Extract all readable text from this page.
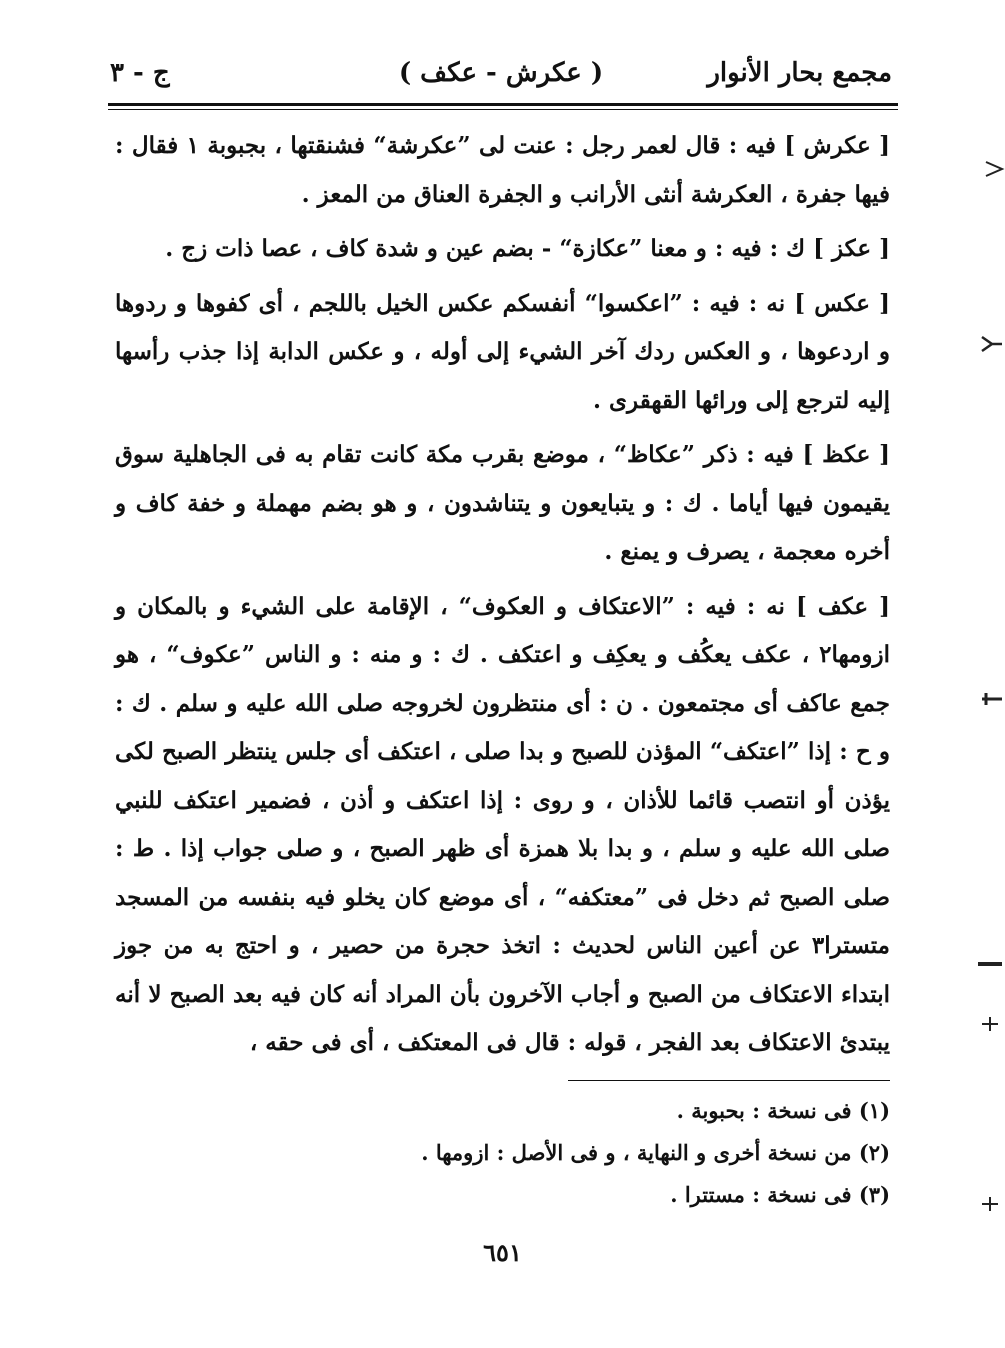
مجمع بحار الأنوار
( عكرش - عكف )
ج - ٣

[ عكرش ] فيه : قال لعمر رجل : عنت لى ”عكرشة“ فشنقتها ، بجبوبة ١ فقال : فيها جفرة ، العكرشة أنثى الأرانب و الجفرة العناق من المعز .

[ عكز ] ك : فيه : و معنا ”عكازة“ - بضم عين و شدة كاف ، عصا ذات زج .

[ عكس ] نه : فيه : ”اعكسوا“ أنفسكم عكس الخيل باللجم ، أى كفوها و ردوها و اردعوها ، و العكس ردك آخر الشيء إلى أوله ، و عكس الدابة إذا جذب رأسها إليه لترجع إلى ورائها القهقرى .

[ عكظ ] فيه : ذكر ”عكاظ“ ، موضع بقرب مكة كانت تقام به فى الجاهلية سوق يقيمون فيها أياما . ك : و يتبايعون و يتناشدون ، و هو بضم مهملة و خفة كاف و أخره معجمة ، يصرف و يمنع .

[ عكف ] نه : فيه : ”الاعتكاف و العكوف“ ، الإقامة على الشيء و بالمكان و ازومها٢ ، عكف يعكُف و يعكِف و اعتكف . ك : و منه : و الناس ”عكوف“ ، هو جمع عاكف أى مجتمعون . ن : أى منتظرون لخروجه صلى الله عليه و سلم . ك : و ح : إذا ”اعتكف“ المؤذن للصبح و بدا صلى ، اعتكف أى جلس ينتظر الصبح لكى يؤذن أو انتصب قائما للأذان ، و روى : إذا اعتكف و أذن ، فضمير اعتكف للنبي صلى الله عليه و سلم ، و بدا بلا همزة أى ظهر الصبح ، و صلى جواب إذا . ط : صلى الصبح ثم دخل فى ”معتكفه“ ، أى موضع كان يخلو فيه بنفسه من المسجد متسترا٣ عن أعين الناس لحديث : اتخذ حجرة من حصير ، و احتج به من جوز ابتداء الاعتكاف من الصبح و أجاب الآخرون بأن المراد أنه كان فيه بعد الصبح لا أنه يبتدئ الاعتكاف بعد الفجر ، قوله : قال فى المعتكف ، أى فى حقه ،

(١) فى نسخة : بحبوبة .

(٢) من نسخة أخرى و النهاية ، و فى الأصل : ازومها .

(٣) فى نسخة : مستترا .

٦٥١
